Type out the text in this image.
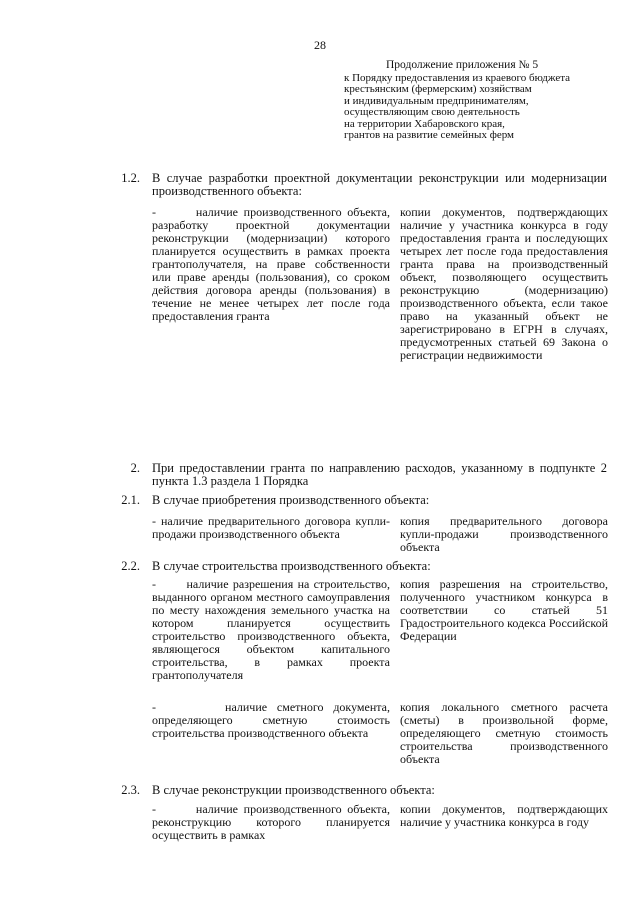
28
Продолжение приложения № 5
к Порядку предоставления из краевого бюджета
крестьянским (фермерским) хозяйствам
и индивидуальным предпринимателям,
осуществляющим свою деятельность
на территории Хабаровского края,
грантов на развитие семейных ферм
1.2. В случае разработки проектной документации реконструкции или модернизации производственного объекта:
-       наличие производственного объекта, разработку проектной документации реконструкции (модернизации) которого планируется осуществить в рамках проекта грантополучателя, на праве собственности или праве аренды (пользования), со сроком действия договора аренды (пользования) в течение не менее четырех лет после года предоставления гранта
копии документов, подтверждающих наличие у участника конкурса в году предоставления гранта и последующих четырех лет после года предоставления гранта права на производственный объект, позволяющего осуществить реконструкцию (модернизацию) производственного объекта, если такое право на указанный объект не зарегистрировано в ЕГРН в случаях, предусмотренных статьей 69 Закона о регистрации недвижимости
2. При предоставлении гранта по направлению расходов, указанному в подпункте 2 пункта 1.3 раздела 1 Порядка
2.1. В случае приобретения производственного объекта:
- наличие предварительного договора купли-продажи производственного объекта
копия предварительного договора купли-продажи производственного объекта
2.2. В случае строительства производственного объекта:
-       наличие разрешения на строительство, выданного органом местного самоуправления по месту нахождения земельного участка на котором планируется осуществить строительство производственного объекта, являющегося объектом капитального строительства, в рамках проекта грантополучателя
копия разрешения на строительство, полученного участником конкурса в соответствии со статьей 51 Градостроительного кодекса Российской Федерации
-       наличие сметного документа, определяющего сметную стоимость строительства производственного объекта
копия локального сметного расчета (сметы) в произвольной форме, определяющего сметную стоимость строительства производственного объекта
2.3. В случае реконструкции производственного объекта:
-       наличие производственного объекта, реконструкцию которого планируется осуществить в рамках
копии документов, подтверждающих наличие у участника конкурса в году
